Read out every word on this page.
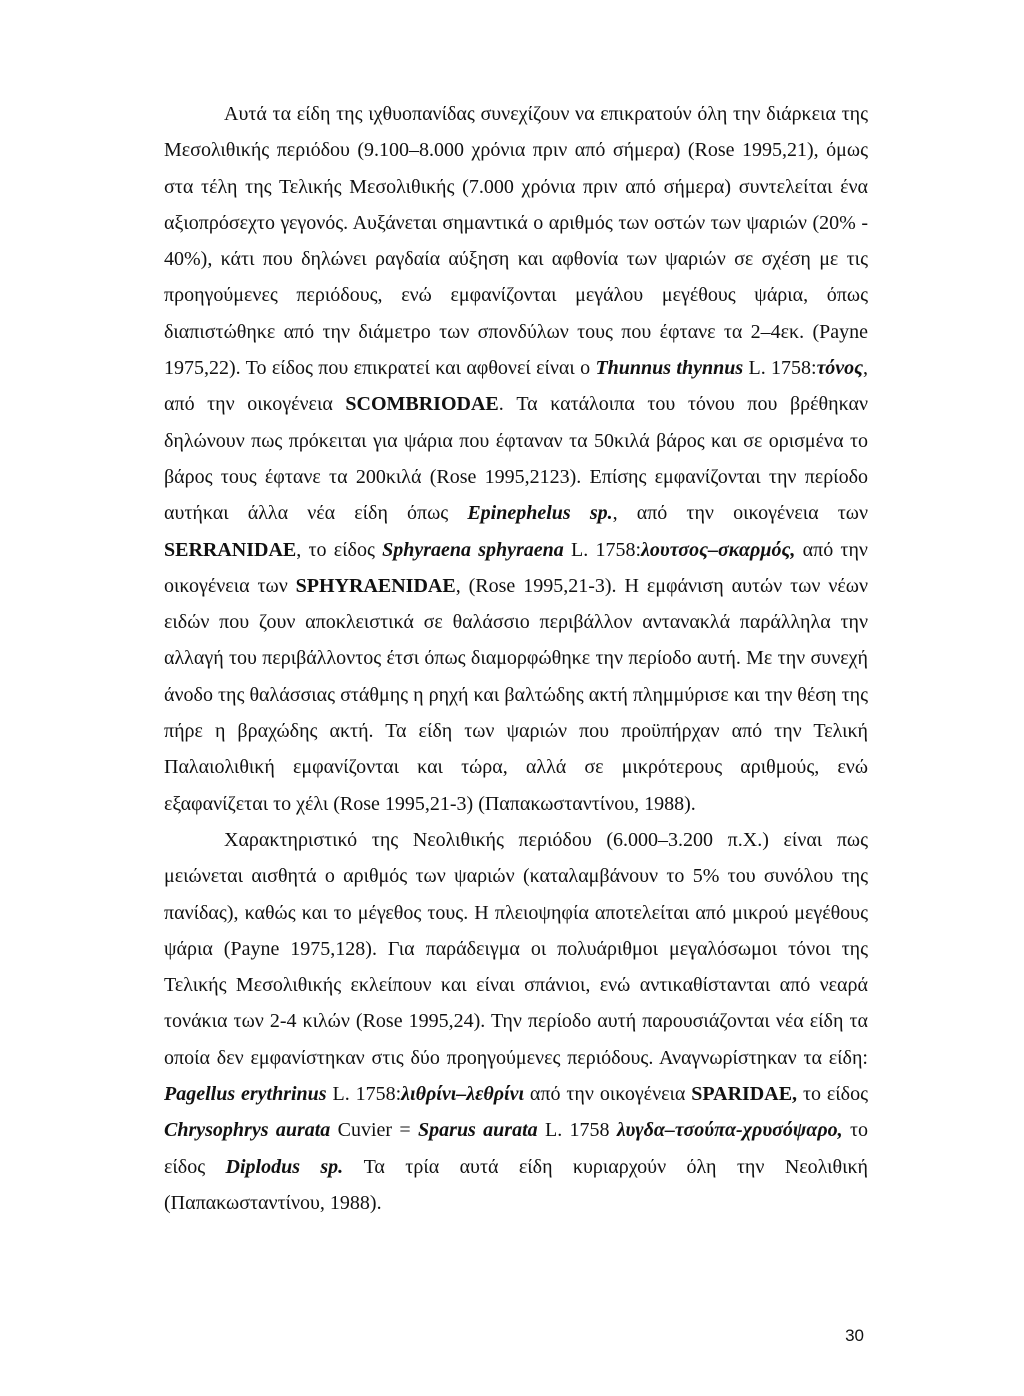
Αυτά τα είδη της ιχθυοπανίδας συνεχίζουν να επικρατούν όλη την διάρκεια της Μεσολιθικής περιόδου (9.100–8.000 χρόνια πριν από σήμερα) (Rose 1995,21), όμως στα τέλη της Τελικής Μεσολιθικής (7.000 χρόνια πριν από σήμερα) συντελείται ένα αξιοπρόσεχτο γεγονός. Αυξάνεται σημαντικά ο αριθμός των οστών των ψαριών (20% - 40%), κάτι που δηλώνει ραγδαία αύξηση και αφθονία των ψαριών σε σχέση με τις προηγούμενες περιόδους, ενώ εμφανίζονται μεγάλου μεγέθους ψάρια, όπως διαπιστώθηκε από την διάμετρο των σπονδύλων τους που έφτανε τα 2–4εκ. (Payne 1975,22). Το είδος που επικρατεί και αφθονεί είναι ο Thunnus thynnus L. 1758:τόνος, από την οικογένεια SCOMBRIODAE. Τα κατάλοιπα του τόνου που βρέθηκαν δηλώνουν πως πρόκειται για ψάρια που έφταναν τα 50κιλά βάρος και σε ορισμένα το βάρος τους έφτανε τα 200κιλά (Rose 1995,2123). Επίσης εμφανίζονται την περίοδο αυτήκαι άλλα νέα είδη όπως Epinephelus sp., από την οικογένεια των SERRANIDAE, το είδος Sphyraena sphyraena L. 1758:λουτσος–σκαρμός, από την οικογένεια των SPHYRAENIDAE, (Rose 1995,21-3). Η εμφάνιση αυτών των νέων ειδών που ζουν αποκλειστικά σε θαλάσσιο περιβάλλον αντανακλά παράλληλα την αλλαγή του περιβάλλοντος έτσι όπως διαμορφώθηκε την περίοδο αυτή. Με την συνεχή άνοδο της θαλάσσιας στάθμης η ρηχή και βαλτώδης ακτή πλημμύρισε και την θέση της πήρε η βραχώδης ακτή. Τα είδη των ψαριών που προϋπήρχαν από την Τελική Παλαιολιθική εμφανίζονται και τώρα, αλλά σε μικρότερους αριθμούς, ενώ εξαφανίζεται το χέλι (Rose 1995,21-3) (Παπακωσταντίνου, 1988).

Χαρακτηριστικό της Νεολιθικής περιόδου (6.000–3.200 π.Χ.) είναι πως μειώνεται αισθητά ο αριθμός των ψαριών (καταλαμβάνουν το 5% του συνόλου της πανίδας), καθώς και το μέγεθος τους. Η πλειοψηφία αποτελείται από μικρού μεγέθους ψάρια (Payne 1975,128). Για παράδειγμα οι πολυάριθμοι μεγαλόσωμοι τόνοι της Τελικής Μεσολιθικής εκλείπουν και είναι σπάνιοι, ενώ αντικαθίστανται από νεαρά τονάκια των 2-4 κιλών (Rose 1995,24). Την περίοδο αυτή παρουσιάζονται νέα είδη τα οποία δεν εμφανίστηκαν στις δύο προηγούμενες περιόδους. Αναγνωρίστηκαν τα είδη: Pagellus erythrinus L. 1758:λιθρίνι–λεθρίνι από την οικογένεια SPARIDAE, το είδος Chrysophrys aurata Cuvier = Sparus aurata L. 1758 λυγδα–τσούπα-χρυσόψαρο, το είδος Diplodus sp. Τα τρία αυτά είδη κυριαρχούν όλη την Νεολιθική (Παπακωσταντίνου, 1988).

30
